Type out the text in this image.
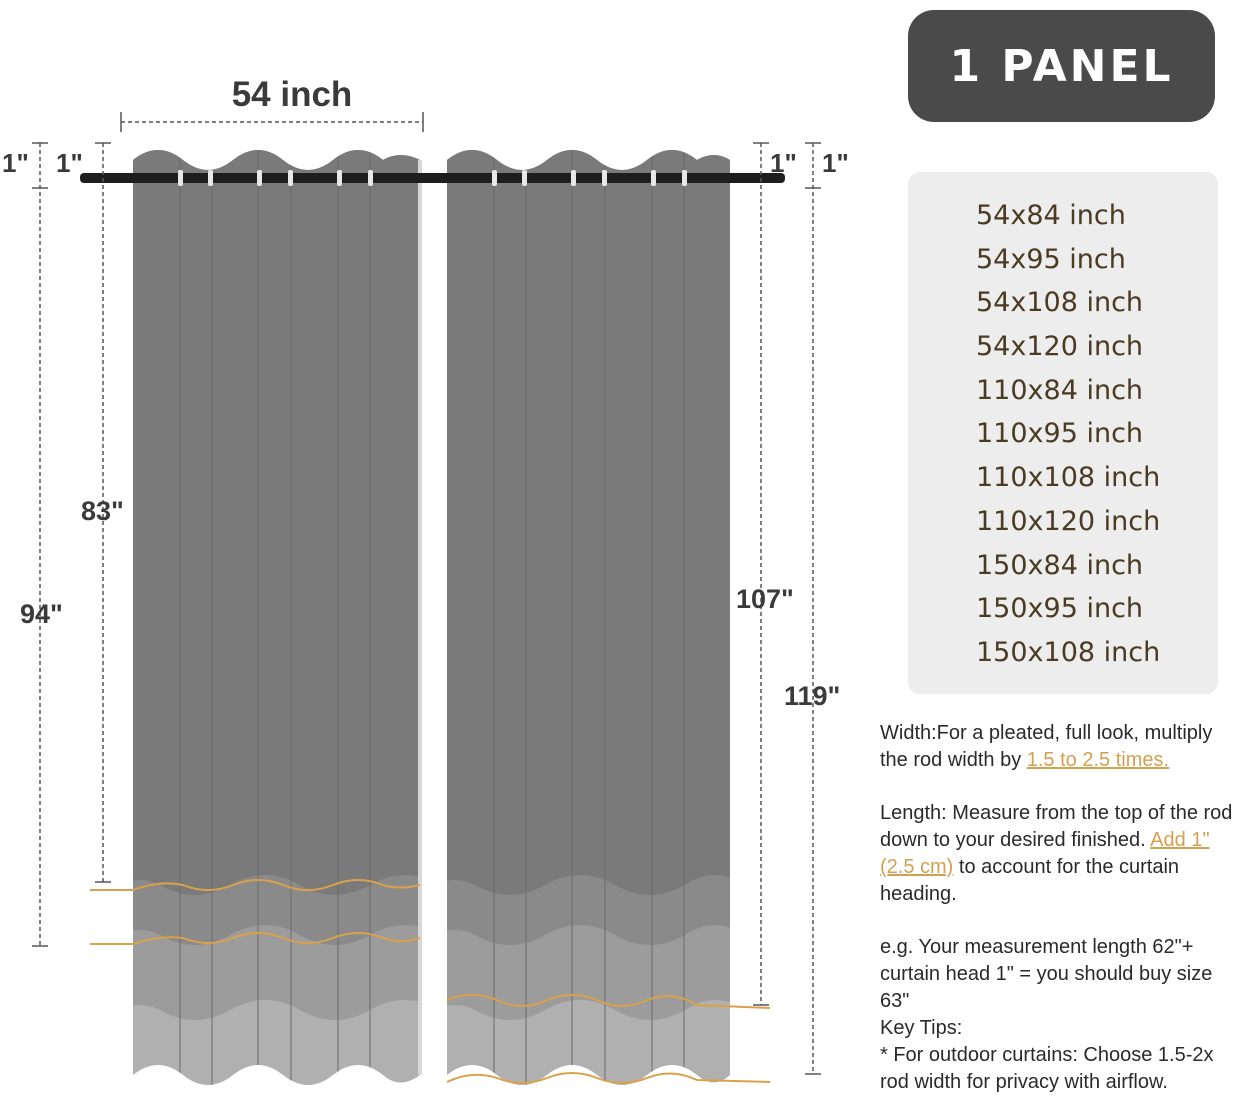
54 inch
1" 1"	1" 1"
83"
94"	107"
119"
1 PANEL
54x84 inch
54x95 inch
54x108 inch
54x120 inch
110x84 inch
110x95 inch
110x108 inch
110x120 inch
150x84 inch
150x95 inch
150x108 inch

Width:For a pleated, full look, multiply the rod width by 1.5 to 2.5 times.

Length: Measure from the top of the rod down to your desired finished. Add 1" (2.5 cm) to account for the curtain heading.

e.g. Your measurement length 62"+ curtain head 1" = you should buy size 63"

Key Tips:

* For outdoor curtains: Choose 1.5-2x rod width for privacy with airflow.
